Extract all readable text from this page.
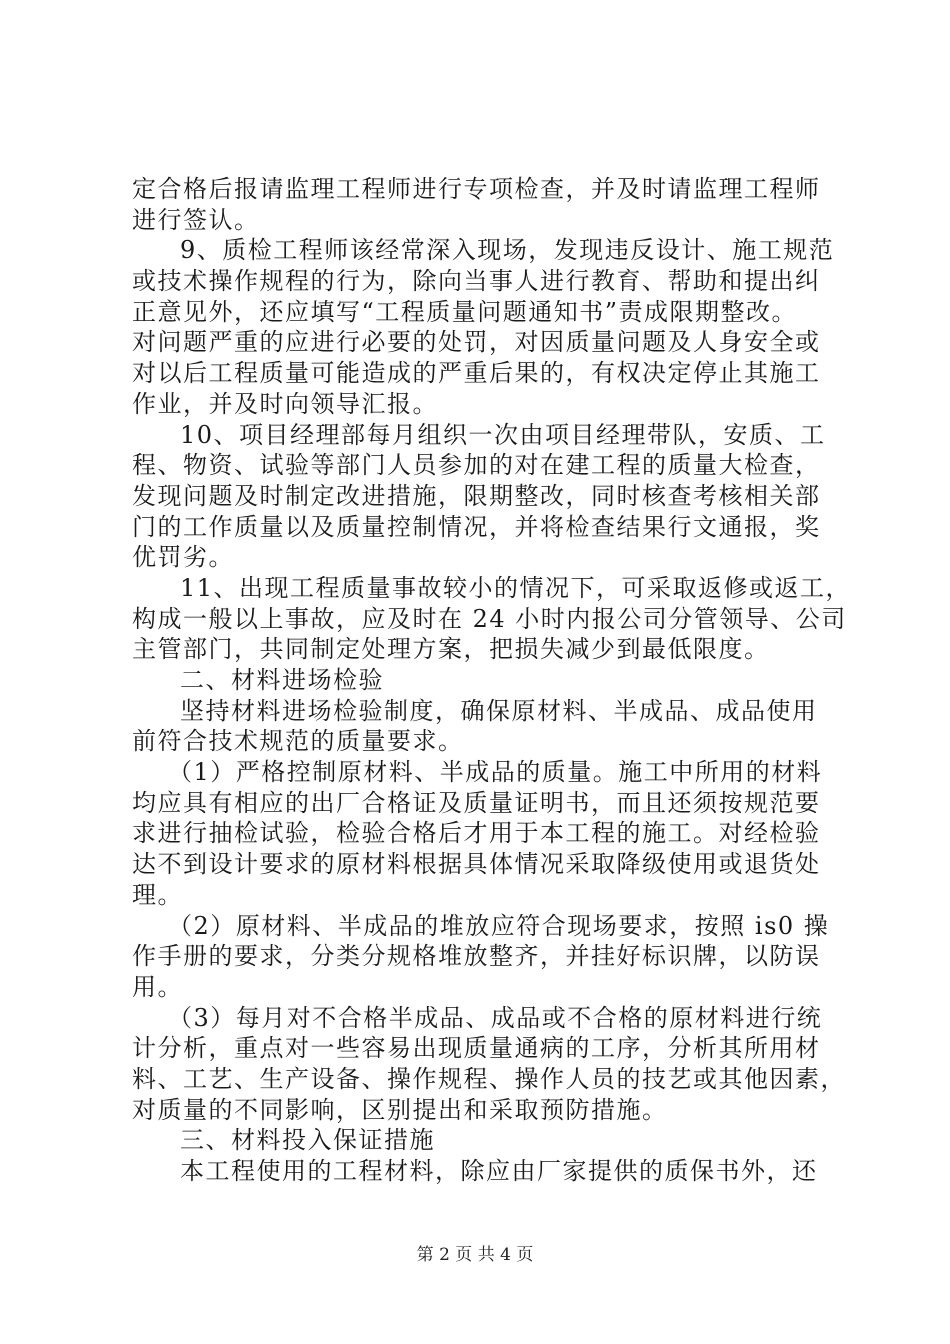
定合格后报请监理工程师进行专项检查，并及时请监理工程师
进行签认。
9、质检工程师该经常深入现场，发现违反设计、施工规范
或技术操作规程的行为，除向当事人进行教育、帮助和提出纠
正意见外，还应填写“工程质量问题通知书”责成限期整改。
对问题严重的应进行必要的处罚，对因质量问题及人身安全或
对以后工程质量可能造成的严重后果的，有权决定停止其施工
作业，并及时向领导汇报。
10、项目经理部每月组织一次由项目经理带队，安质、工
程、物资、试验等部门人员参加的对在建工程的质量大检查，
发现问题及时制定改进措施，限期整改，同时核查考核相关部
门的工作质量以及质量控制情况，并将检查结果行文通报，奖
优罚劣。
11、出现工程质量事故较小的情况下，可采取返修或返工，
构成一般以上事故，应及时在 24 小时内报公司分管领导、公司
主管部门，共同制定处理方案，把损失减少到最低限度。
二、材料进场检验
坚持材料进场检验制度，确保原材料、半成品、成品使用
前符合技术规范的质量要求。
（1）严格控制原材料、半成品的质量。施工中所用的材料
均应具有相应的出厂合格证及质量证明书，而且还须按规范要
求进行抽检试验，检验合格后才用于本工程的施工。对经检验
达不到设计要求的原材料根据具体情况采取降级使用或退货处
理。
（2）原材料、半成品的堆放应符合现场要求，按照 is0 操
作手册的要求，分类分规格堆放整齐，并挂好标识牌，以防误
用。
（3）每月对不合格半成品、成品或不合格的原材料进行统
计分析，重点对一些容易出现质量通病的工序，分析其所用材
料、工艺、生产设备、操作规程、操作人员的技艺或其他因素，
对质量的不同影响，区别提出和采取预防措施。
三、材料投入保证措施
本工程使用的工程材料，除应由厂家提供的质保书外，还
第 2 页 共 4 页
